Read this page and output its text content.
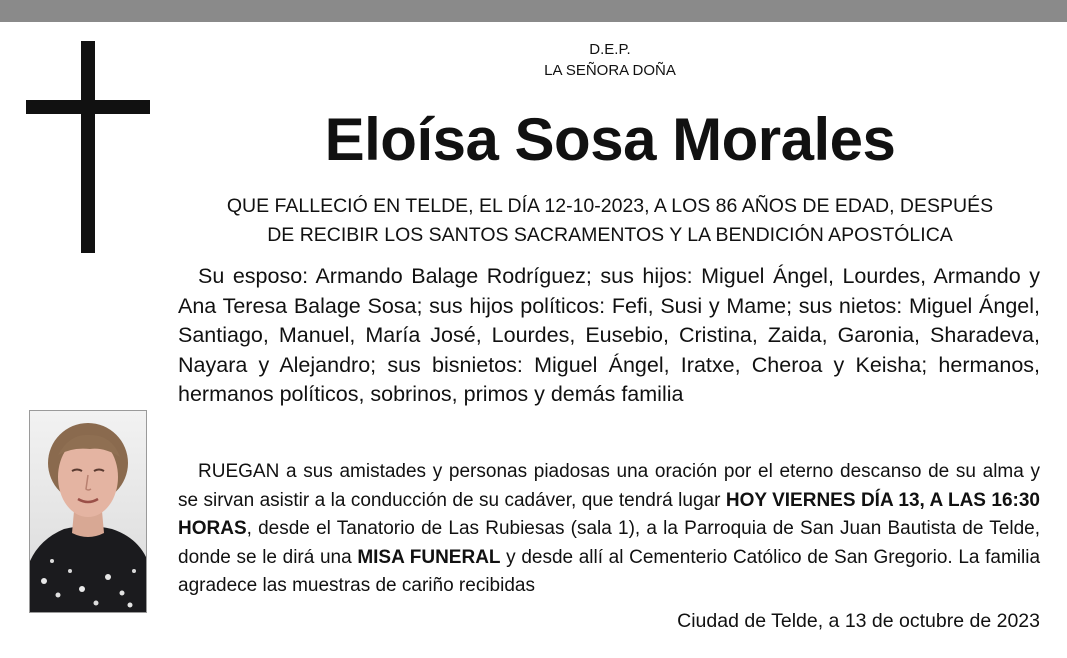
D.E.P.
LA SEÑORA DOÑA
Eloísa Sosa Morales
QUE FALLECIÓ EN TELDE, EL DÍA 12-10-2023, A LOS 86 AÑOS DE EDAD, DESPUÉS
DE RECIBIR LOS SANTOS SACRAMENTOS Y LA BENDICIÓN APOSTÓLICA
Su esposo: Armando Balage Rodríguez; sus hijos: Miguel Ángel, Lourdes, Armando y Ana Teresa Balage Sosa; sus hijos políticos: Fefi, Susi y Mame; sus nietos: Miguel Ángel, Santiago, Manuel, María José, Lourdes, Eusebio, Cristina, Zaida, Garonia, Sharadeva, Nayara y Alejandro; sus bisnietos: Miguel Ángel, Iratxe, Cheroa y Keisha; hermanos, hermanos políticos, sobrinos, primos y demás familia
RUEGAN a sus amistades y personas piadosas una oración por el eterno descanso de su alma y se sirvan asistir a la conducción de su cadáver, que tendrá lugar HOY VIERNES DÍA 13, A LAS 16:30 HORAS, desde el Tanatorio de Las Rubiesas (sala 1), a la Parroquia de San Juan Bautista de Telde, donde se le dirá una MISA FUNERAL y desde allí al Cementerio Católico de San Gregorio. La familia agradece las muestras de cariño recibidas
Ciudad de Telde, a 13 de octubre de 2023
